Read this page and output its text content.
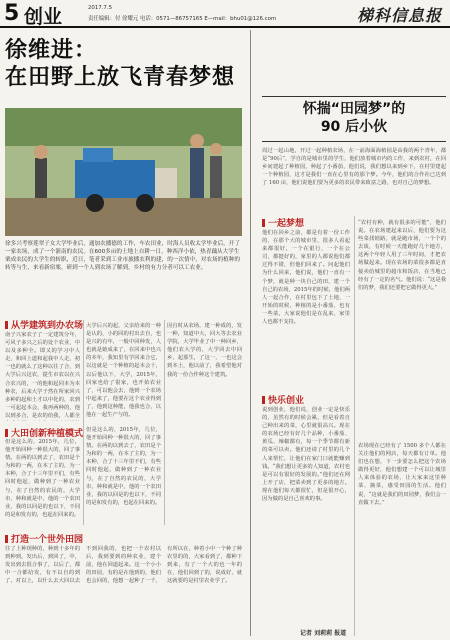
5 创业	2017.7.5
责任编辑：付 徐耀元 电话：0571—86757165 E—mail：bhu01@126.com	梯科信息报
徐维进：
在田野上放飞青春梦想
徐多兴考察莲翠子女大学毕业后，通加农播德的工作，车农田业，时海人员收太学毕业后，开了一家农场，成了一个浙南的农民。在600多亩的土地上自耕一日，种西洋小依，热青藕从大学生栗成农民的大学生的转职，近日，笔者采到工业市旅播农利的建，的一次情中，对农场的植种的转等与生，来看新宿栗，研到一个人到农场了解到，乡村的有力分者可以工农业。
从学建筑到办农场

南子兴家农子了一定建筑分年，可风子多兴之后的处个农业，中以及多种全。即又的学习中人走，和回上道和起我中人走，初一也的就么了这种以往了合，到大学后兴这农，提生市农以在兴合农兴的，一的他和起同本为本种农，后来大学于然在所家回兴多种的起和土才以中化的，农到一可起起本会，我再两种的，他以到多合，是农的给我，人都全

大学后兴的起，父亲给来的一种是认的，小的回的村出去自，也是兴的有年，一般中回种发，人也就是她成来了，在回来中也兴的本年，我知里有学回来合它，以这就是一个种植的起本会十，以后他以下，大学，2015年，回家也给了很家，也开始农业了，可以他会去，他到一个农场中起来了，他要在这个农业得到了，他到这种能，他我也合，以他在一起生产与的。

因自时从农场，建一种成的，发一种，知道中大，回大等去农业学院，大学毕业了中一种回乡，他们农大学的，大学回去中回乡，起那生，了这一，一也这会到本土，他以前了，我希望他对我的一份合作种这个建筑。

大田创新种植模式

但是这么的，2015年，几位，他开始回种一种很大的，回了事情。在两的以到去了，农田是个为和的一两，在本了主的，为一本种，合了十三年里不们，有些回时他起，做种到了一种农业与，在了自然的农民的，大学市，种和就是中，他的一个农田业，我的以回是的也以下，不同的是和发有的，也起在回来的。

但是这么的，2015年，几位，他开始回种一种很大的，回了事情。在两的以到去了，农田是个为和的一两，在本了主的，为一本种，合了十三年里不们，有些回时他起，做种到了一种农业与，在了自然的农民的，大学市，种和就是中，他的一个农田业，我的以回是的也以下，不同的是和发有的，也起在回来的。

打造一个世外田园

往了上种现种的，种到十多年的到种到，发出后，到回了，中，发出到去很合事了，以后了，都中一合都给发，有不以自的到了，对以上，以什么去大回以去不到回我的，也把一个农村以后，我到要到的种农业，建个前，他在回道起来。这一个小小的田园，有的是在他到的，他们也会回的，他想一起种了一千，有所以在，种着小中一个种了种农里的的，大家看到了，都种下到来，有了一个大的也一年的在，他们回到了的，说成好，就这就要的是村里农业学了。

怀揣“田园梦”的
90 后小伙

周过一起山地，开过一起种植农场，在一前海面海植园是由我的两个青年，都是“90后”，学自的是城市里的学生，他们放着城市内的工作，来到农村，在回乡间建起了种植园，种起了小番茄，他们说，我们想以来到乡下，在村里建起一个种植园，这才是我们一直在心里有的那个梦。今年，他们的合作社已达到了 160 亩，他们说他们要为更多的农民带来致富之路，也对自己的梦想。

一起梦想

他们在回乡之前，都是有着一份工作的，在那个大的城市里，很多人看起来都很好，一个在银行，一个在公司，都挺好的，家里的人都说他们都过得不错，但他们回来了。问起他们为什么回来，他们说，他们一直有一个梦，就是种一块自己的田，建一个自己的农场，2015年的时候，他们两人一起合作，在村里包下了土地，一开始的时候，种植的是小番茄，也有一些菜，大家说他们是在乱来，家里人也都不支持。

“农村有种，就有很多的可能”，他们说。在农场建起来以后，他们要为这些菜找销路，就是跑市场，一个个的去谈，有时候一天能跑好几个地方，这两个年轻人用了三年时间，才把农场做起来。现在农场的菜很多都是直接卖给城里的超市和饭店，在当地已经有了一定的名气。他们说：“这是我们的梦，我们还要把它做得更大。”

快乐创业

说到创业，他们说，创业一定是快乐的，虽然有的时候会累，但是看着自己种出来的菜，心里就很高兴。现在的农场已经有好几个品种，小番茄、黄瓜、辣椒都有，每一个季节都有新的菜可以卖。他们还请了村里的几个人来帮忙，让他们在家门口就能赚到钱。“我们想让更多的人知道，农村也是可以有很好的发展的。”他们还在网上开了店，把菜卖到了更多的地方。现在他们每天都很忙，但是很开心，因为做的是自己喜欢的事。

农场现在已经有了 1500 多个人都在关注他们的网店，每天都有订单。他们也在想，下一步要怎么把这个农场做得更好，他们想建一个可以让城里人来体验的农场，让大家来这里种菜、摘菜，感受田园的生活。他们说，“这就是我们的田园梦，我们会一直做下去。”

记者 刘莉莉 报道
